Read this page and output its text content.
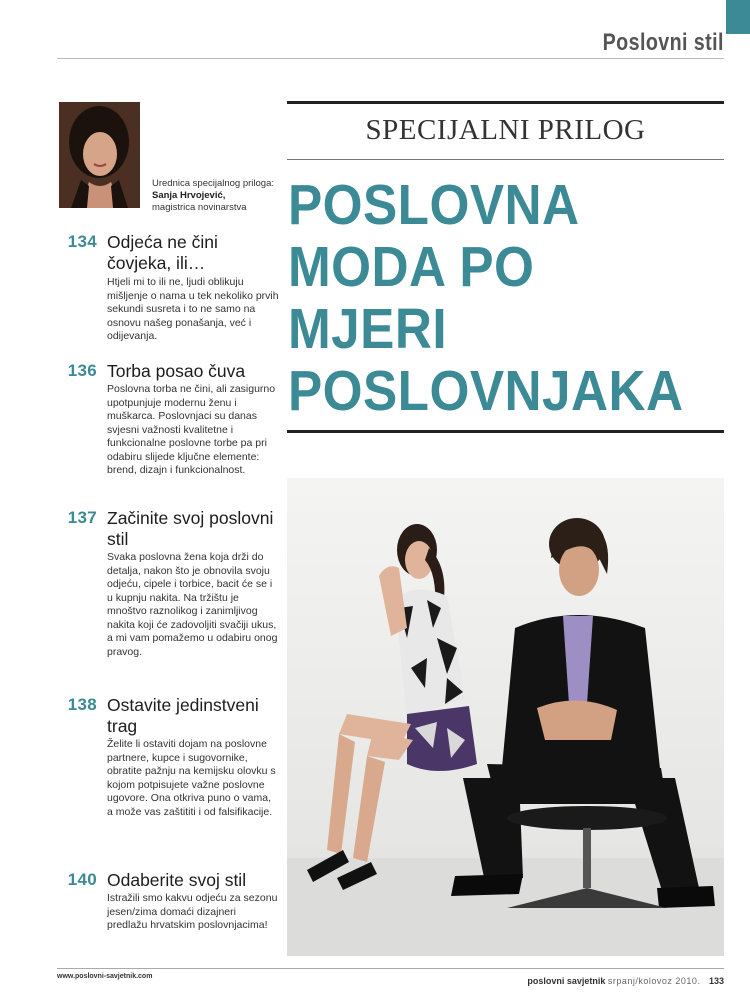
Poslovni stil
Urednica specijalnog priloga: Sanja Hrvojević,
magistrica novinarstva
134 Odjeća ne čini čovjeka, ili…
Htjeli mi to ili ne, ljudi oblikuju mišljenje o nama u tek nekoliko prvih sekundi susreta i to ne samo na osnovu našeg ponašanja, već i odijevanja.
136 Torba posao čuva
Poslovna torba ne čini, ali zasigurno upotpunjuje modernu ženu i muškarca. Poslovnjaci su danas svjesni važnosti kvalitetne i funkcionalne poslovne torbe pa pri odabiru slijede ključne elemente: brend, dizajn i funkcionalnost.
137 Začinite svoj poslovni stil
Svaka poslovna žena koja drži do detalja, nakon što je obnovila svoju odjeću, cipele i torbice, bacit će se i u kupnju nakita. Na tržištu je mnoštvo raznolikog i zanimljivog nakita koji će zadovoljiti svačiji ukus, a mi vam pomažemo u odabiru onog pravog.
138 Ostavite jedinstveni trag
Želite li ostaviti dojam na poslovne partnere, kupce i sugovornike, obratite pažnju na kemijsku olovku s kojom potpisujete važne poslovne ugovore. Ona otkriva puno o vama, a može vas zaštititi i od falsifikacije.
140 Odaberite svoj stil
Istražili smo kakvu odjeću za sezonu jesen/zima domaći dizajneri predlažu hrvatskim poslovnjacima!
SPECIJALNI PRILOG
POSLOVNA
MODA PO
MJERI
POSLOVNJAKA
www.poslovni-savjetnik.com	poslovni savjetnik srpanj/kolovoz 2010. 133
